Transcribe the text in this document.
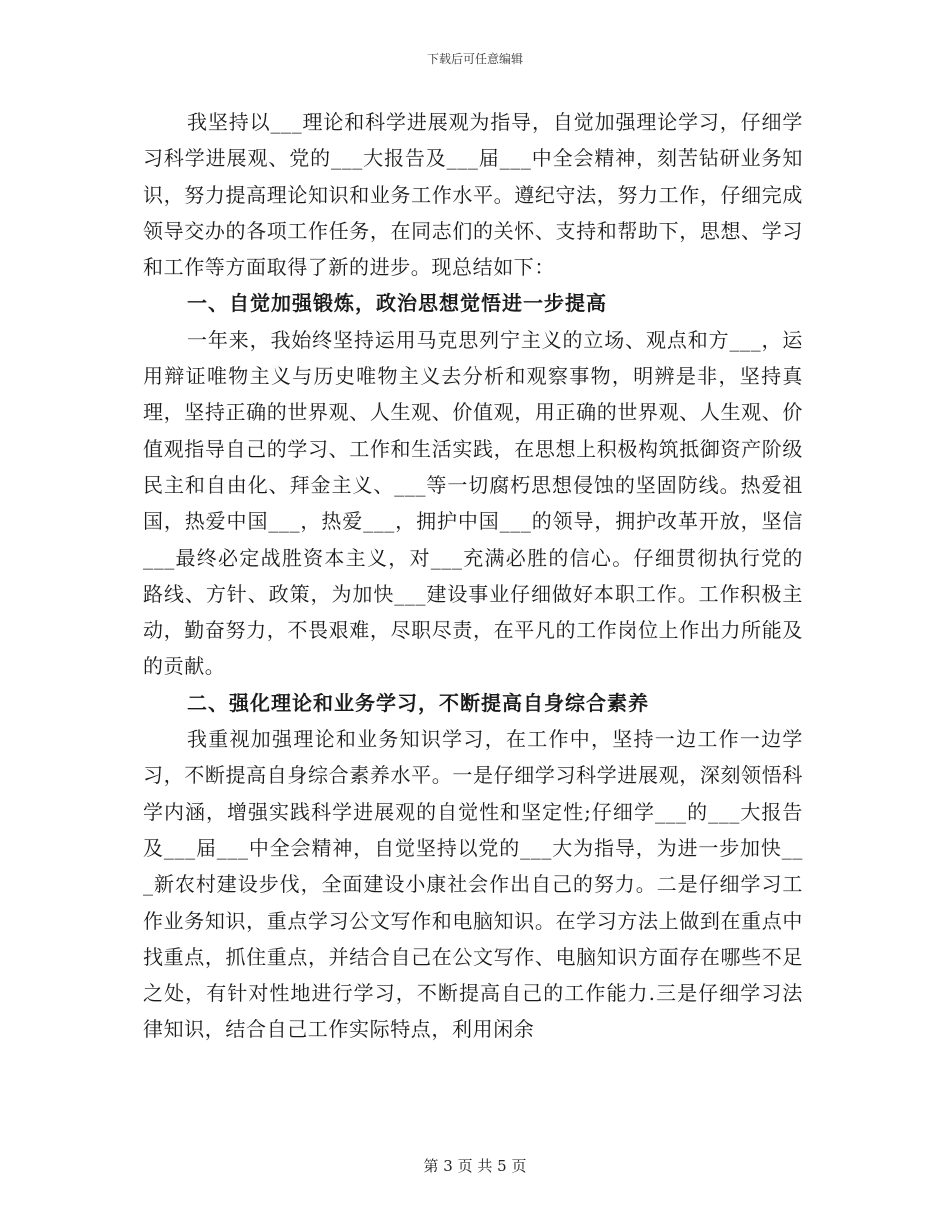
下载后可任意编辑

我坚持以___理论和科学进展观为指导，自觉加强理论学习，仔细学习科学进展观、党的___大报告及___届___中全会精神，刻苦钻研业务知识，努力提高理论知识和业务工作水平。遵纪守法，努力工作，仔细完成领导交办的各项工作任务，在同志们的关怀、支持和帮助下，思想、学习和工作等方面取得了新的进步。现总结如下：

一、自觉加强锻炼，政治思想觉悟进一步提高

一年来，我始终坚持运用马克思列宁主义的立场、观点和方___，运用辩证唯物主义与历史唯物主义去分析和观察事物，明辨是非，坚持真理，坚持正确的世界观、人生观、价值观，用正确的世界观、人生观、价值观指导自己的学习、工作和生活实践，在思想上积极构筑抵御资产阶级民主和自由化、拜金主义、___等一切腐朽思想侵蚀的坚固防线。热爱祖国，热爱中国___，热爱___，拥护中国___的领导，拥护改革开放，坚信___最终必定战胜资本主义，对___充满必胜的信心。仔细贯彻执行党的路线、方针、政策，为加快___建设事业仔细做好本职工作。工作积极主动，勤奋努力，不畏艰难，尽职尽责，在平凡的工作岗位上作出力所能及的贡献。

二、强化理论和业务学习，不断提高自身综合素养

我重视加强理论和业务知识学习，在工作中，坚持一边工作一边学习，不断提高自身综合素养水平。一是仔细学习科学进展观，深刻领悟科学内涵，增强实践科学进展观的自觉性和坚定性;仔细学___的___大报告及___届___中全会精神，自觉坚持以党的___大为指导，为进一步加快___新农村建设步伐，全面建设小康社会作出自己的努力。二是仔细学习工作业务知识，重点学习公文写作和电脑知识。在学习方法上做到在重点中找重点，抓住重点，并结合自己在公文写作、电脑知识方面存在哪些不足之处，有针对性地进行学习，不断提高自己的工作能力.三是仔细学习法律知识，结合自己工作实际特点，利用闲余

第 3 页 共 5 页
